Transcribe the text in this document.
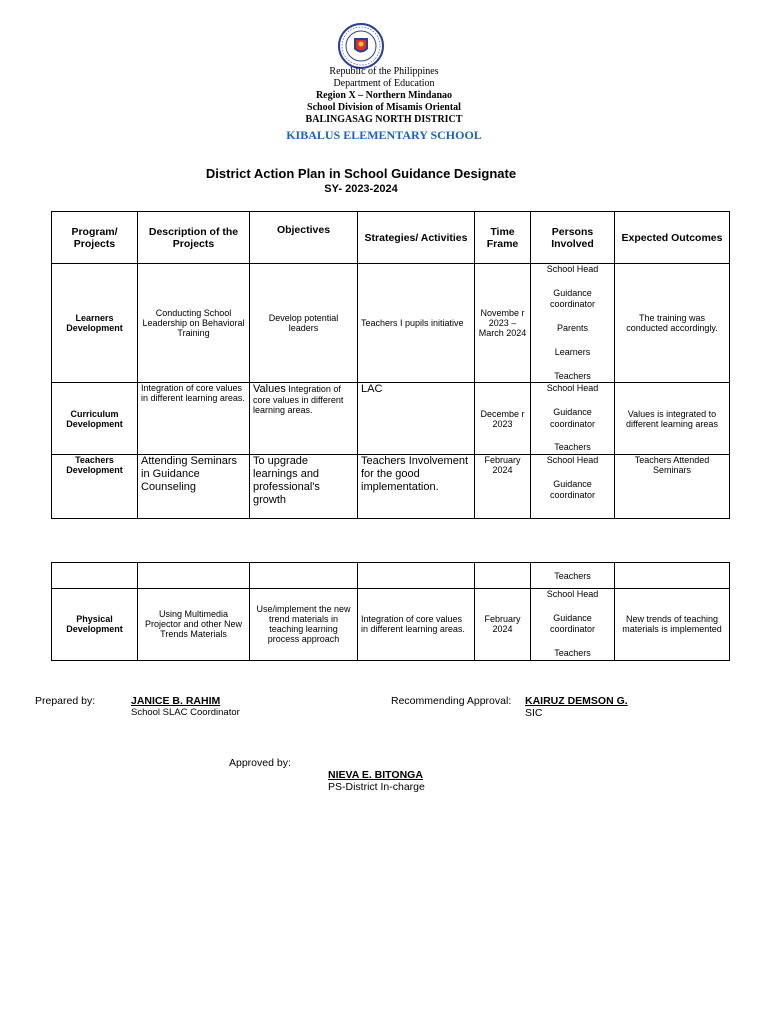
Republic of the Philippines
Department of Education
Region X – Northern Mindanao
School Division of Misamis Oriental
BALINGASAG NORTH DISTRICT
KIBALUS ELEMENTARY SCHOOL
District Action Plan in School Guidance Designate
SY- 2023-2024
Program/ Projects	Description of the Projects	Objectives	Strategies/ Activities	Time Frame	Persons Involved	Expected Outcomes
Learners Development	Conducting School Leadership on Behavioral Training	Develop potential leaders	Teachers I pupils initiative	Novembe r 2023 – March 2024	School Head
Guidance coordinator
Parents
Learners
Teachers	The training was conducted accordingly.
Curriculum Development	Integration of core values in different learning areas.	Values Integration of core values in different learning areas.	LAC	Decembe r 2023	School Head
Guidance coordinator
Teachers	Values is integrated to different learning areas
Teachers Development	Attending Seminars in Guidance Counseling	To upgrade learnings and professional's growth	Teachers Involvement for the good implementation.	February 2024	School Head
Guidance coordinator	Teachers Attended Seminars
					Teachers	
Physical Development	Using Multimedia Projector and other New Trends Materials	Use/implement the new trend materials in teaching learning process approach	Integration of core values in different learning areas.	February 2024	School Head
Guidance coordinator
Teachers	New trends of teaching materials is implemented
Prepared by:	JANICE B. RAHIM
School SLAC Coordinator
Recommending Approval: KAIRUZ DEMSON G.
SIC
Approved by:
NIEVA E. BITONGA
PS-District In-charge
